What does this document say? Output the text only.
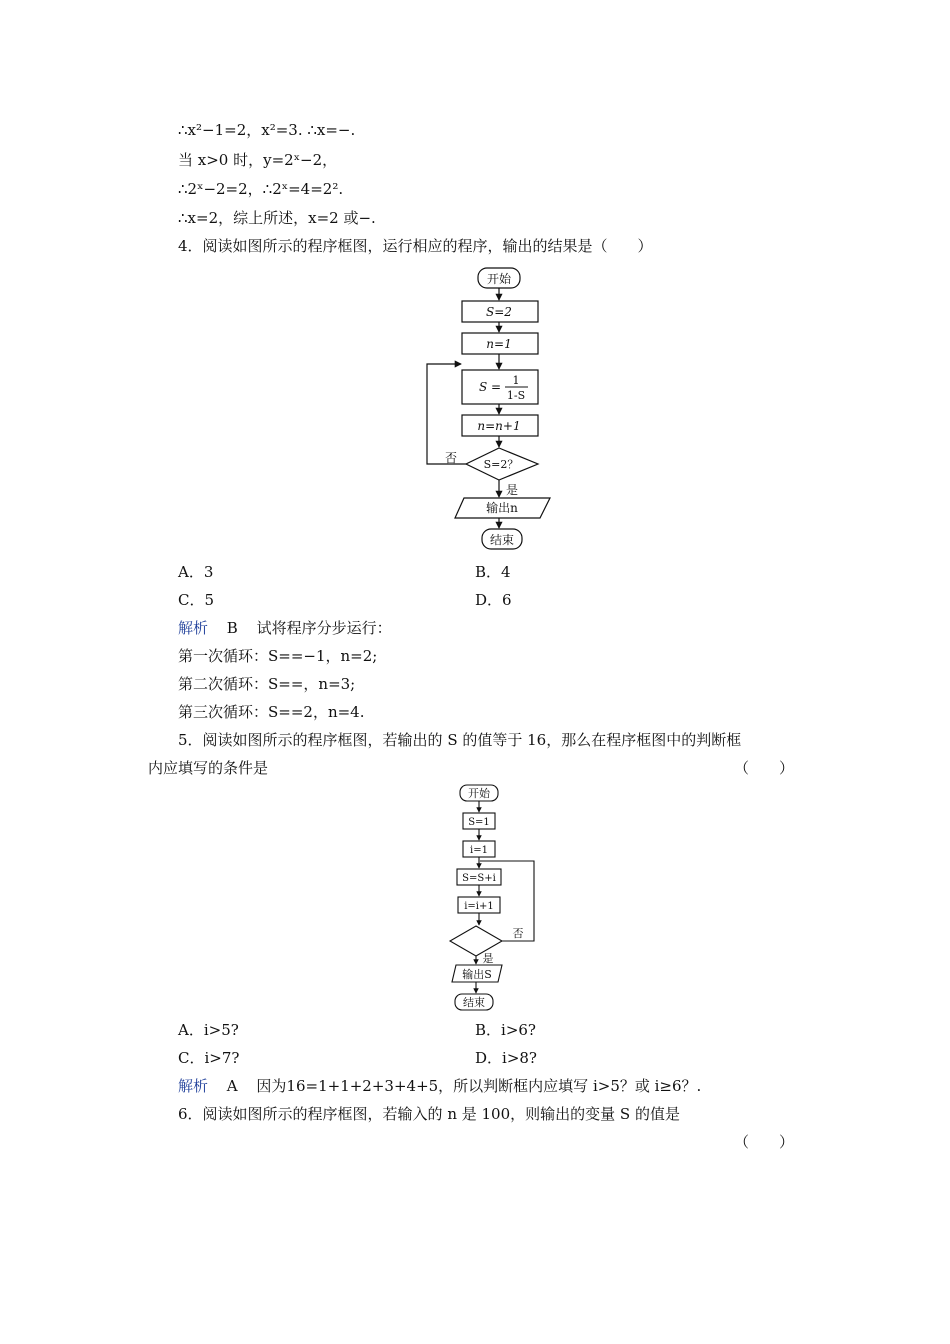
∴x²−1=2，x²=3. ∴x=−.
当 x>0 时，y=2ˣ−2，
∴2ˣ−2=2，∴2ˣ=4=2².
∴x=2，综上所述，x=2 或−.
4．阅读如图所示的程序框图，运行相应的程序，输出的结果是（　　）
开始
S=2
n=1
S = 1
1-S
n=n+1
S=2？
否
是
输出n
结束
A．3	B．4
C．5	D．6
解析 B 试将程序分步运行：
第一次循环：S==−1，n=2;
第二次循环：S==，n=3;
第三次循环：S==2，n=4.
5．阅读如图所示的程序框图，若输出的 S 的值等于 16，那么在程序框图中的判断框
内应填写的条件是	（　　）
开始
S=1
i=1
S=S+i
i=i+1
否
是
输出S
结束
A．i>5?	B．i>6?
C．i>7?	D．i>8?
解析 A 因为16=1+1+2+3+4+5，所以判断框内应填写 i>5？或 i≥6？.
6．阅读如图所示的程序框图，若输入的 n 是 100，则输出的变量 S 的值是
（　　）
